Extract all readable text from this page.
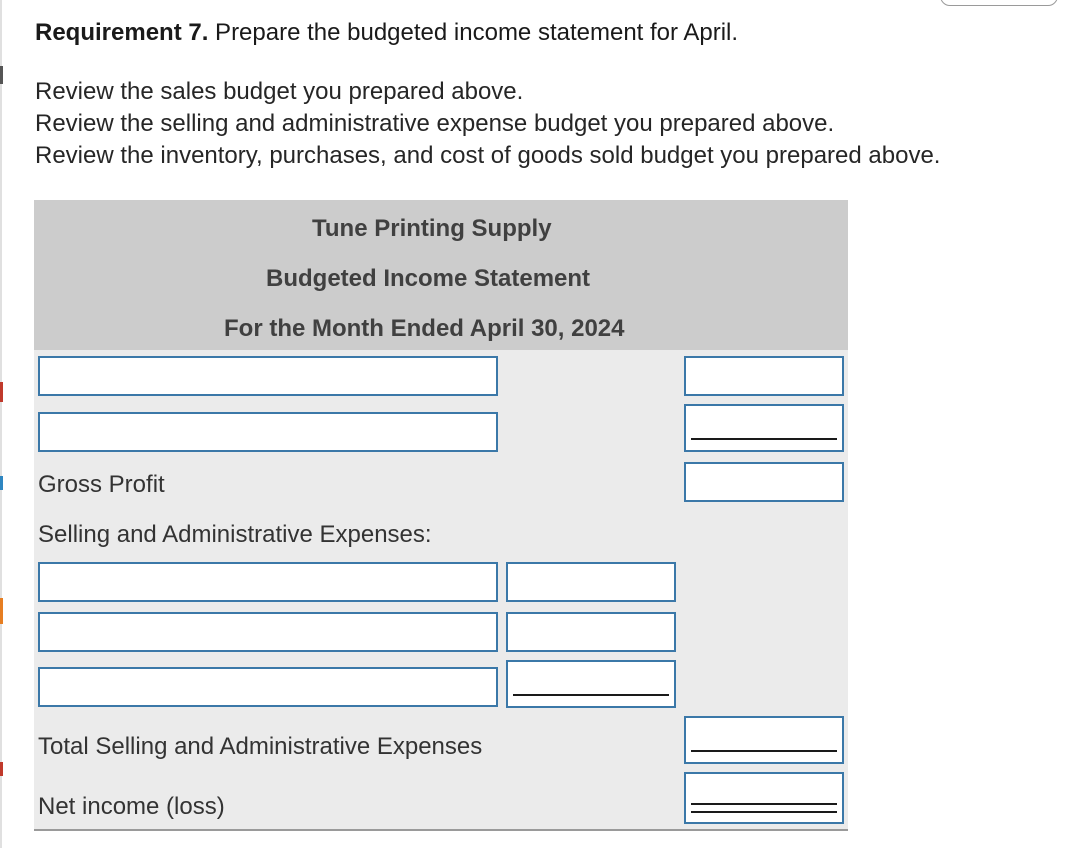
Requirement 7. Prepare the budgeted income statement for April.
Review the sales budget you prepared above.
Review the selling and administrative expense budget you prepared above.
Review the inventory, purchases, and cost of goods sold budget you prepared above.
Tune Printing Supply
Budgeted Income Statement
For the Month Ended April 30, 2024
Gross Profit
Selling and Administrative Expenses:
Total Selling and Administrative Expenses
Net income (loss)
